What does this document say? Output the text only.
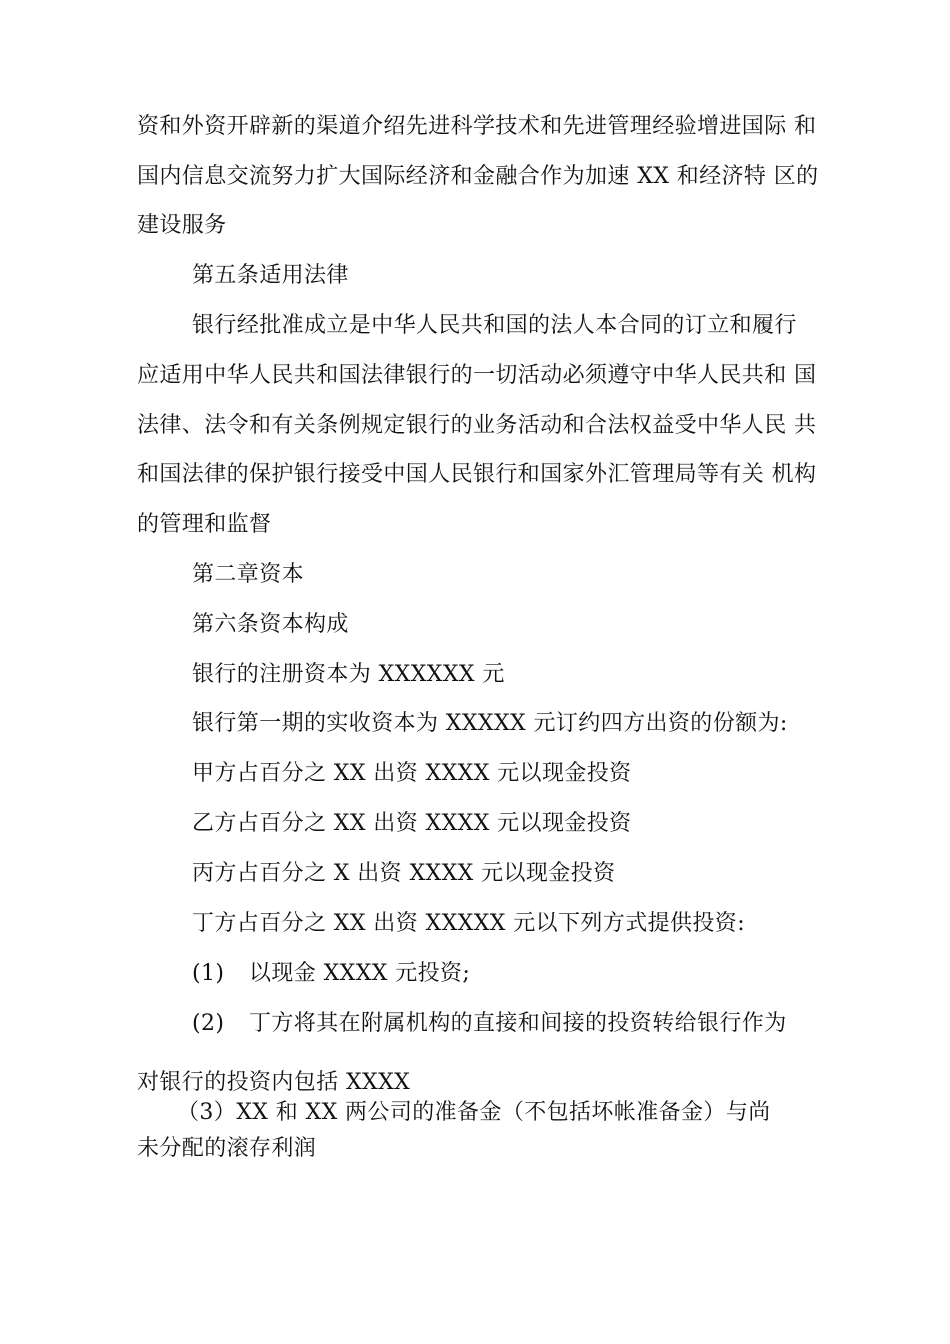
资和外资开辟新的渠道介绍先进科学技术和先进管理经验增进国际 和
国内信息交流努力扩大国际经济和金融合作为加速 XX 和经济特 区的
建设服务
第五条适用法律
银行经批准成立是中华人民共和国的法人本合同的订立和履行
应适用中华人民共和国法律银行的一切活动必须遵守中华人民共和 国
法律、法令和有关条例规定银行的业务活动和合法权益受中华人民 共
和国法律的保护银行接受中国人民银行和国家外汇管理局等有关 机构
的管理和监督
第二章资本
第六条资本构成
银行的注册资本为 XXXXXX 元
银行第一期的实收资本为 XXXXX 元订约四方出资的份额为:
甲方占百分之 XX 出资 XXXX 元以现金投资
乙方占百分之 XX 出资 XXXX 元以现金投资
丙方占百分之 X 出资 XXXX 元以现金投资
丁方占百分之 XX 出资 XXXXX 元以下列方式提供投资:
(1) 以现金 XXXX 元投资;
(2) 丁方将其在附属机构的直接和间接的投资转给银行作为
对银行的投资内包括 XXXX
（3）XX 和 XX 两公司的准备金（不包括坏帐准备金）与尚
未分配的滚存利润
